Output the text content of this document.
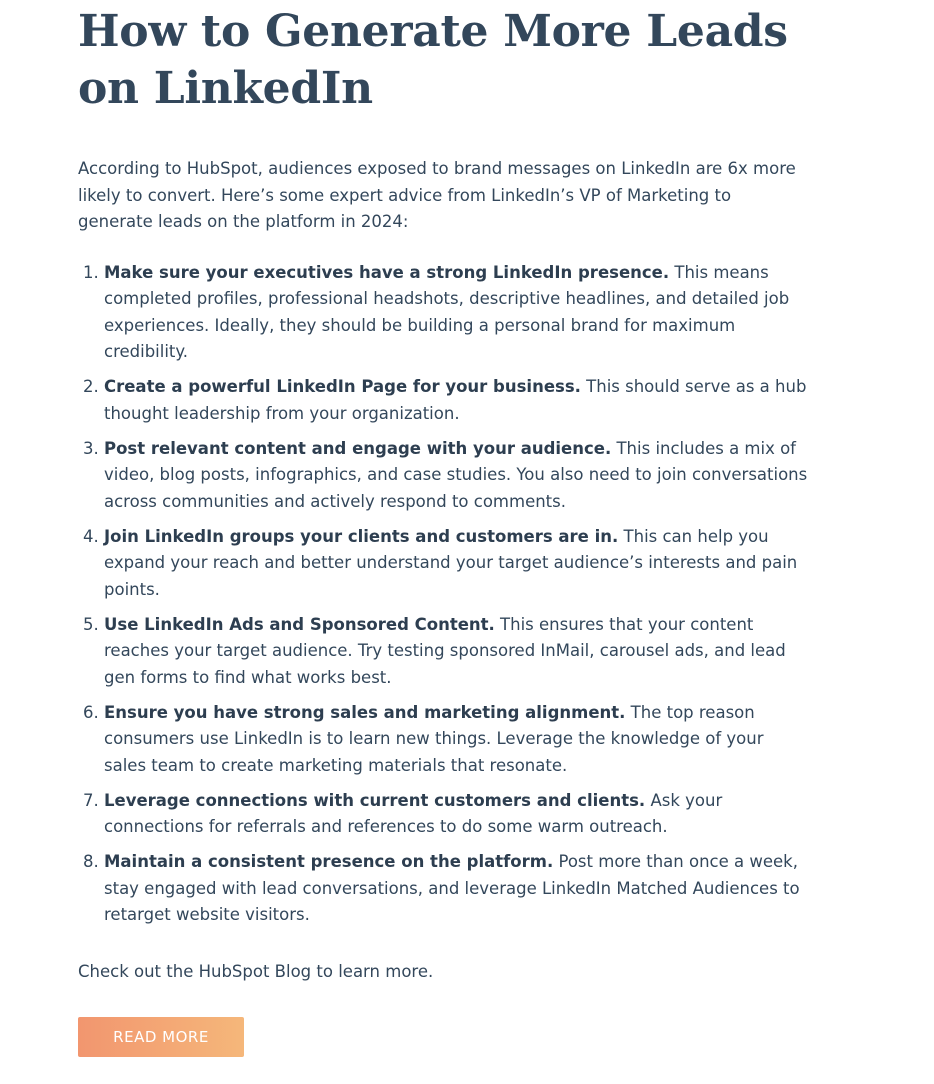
How to Generate More Leads on LinkedIn

According to HubSpot, audiences exposed to brand messages on LinkedIn are 6x more likely to convert. Here’s some expert advice from LinkedIn’s VP of Marketing to generate leads on the platform in 2024:

1. Make sure your executives have a strong LinkedIn presence. This means completed profiles, professional headshots, descriptive headlines, and detailed job experiences. Ideally, they should be building a personal brand for maximum credibility.
2. Create a powerful LinkedIn Page for your business. This should serve as a hub thought leadership from your organization.
3. Post relevant content and engage with your audience. This includes a mix of video, blog posts, infographics, and case studies. You also need to join conversations across communities and actively respond to comments.
4. Join LinkedIn groups your clients and customers are in. This can help you expand your reach and better understand your target audience’s interests and pain points.
5. Use LinkedIn Ads and Sponsored Content. This ensures that your content reaches your target audience. Try testing sponsored InMail, carousel ads, and lead gen forms to find what works best.
6. Ensure you have strong sales and marketing alignment. The top reason consumers use LinkedIn is to learn new things. Leverage the knowledge of your sales team to create marketing materials that resonate.
7. Leverage connections with current customers and clients. Ask your connections for referrals and references to do some warm outreach.
8. Maintain a consistent presence on the platform. Post more than once a week, stay engaged with lead conversations, and leverage LinkedIn Matched Audiences to retarget website visitors.

Check out the HubSpot Blog to learn more.

READ MORE
